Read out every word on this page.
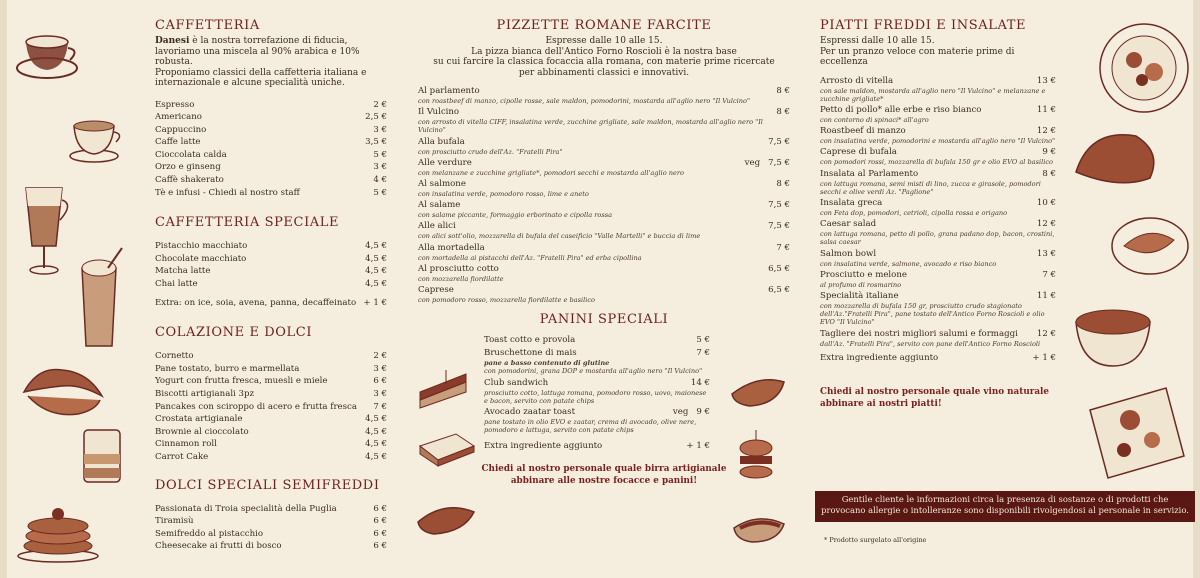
CAFFETTERIA
Danesi è la nostra torrefazione di fiducia, lavoriamo una miscela al 90% arabica e 10% robusta.
Proponiamo classici della caffetteria italiana e internazionale e alcune specialità uniche.
Espresso	2 €
Americano	2,5 €
Cappuccino	3 €
Caffe latte	3,5 €
Cioccolata calda	5 €
Orzo e ginseng	3 €
Caffè shakerato	4 €
Tè e infusi - Chiedi al nostro staff	5 €
CAFFETTERIA SPECIALE
Pistacchio macchiato	4,5 €
Chocolate macchiato	4,5 €
Matcha latte	4,5 €
Chai latte	4,5 €
Extra: on ice, soia, avena, panna, decaffeinato + 1 €
COLAZIONE E DOLCI
Cornetto	2 €
Pane tostato, burro e marmellata	3 €
Yogurt con frutta fresca, muesli e miele	6 €
Biscotti artigianali 3pz	3 €
Pancakes con sciroppo di acero e frutta fresca 7 €
Crostata artigianale	4,5 €
Brownie al cioccolato	4,5 €
Cinnamon roll	4,5 €
Carrot Cake	4,5 €
DOLCI SPECIALI SEMIFREDDI
Passionata di Troia specialità della Puglia	6 €
Tiramisù	6 €
Semifreddo al pistacchio	6 €
Cheesecake ai frutti di bosco	6 €
PIZZETTE ROMANE FARCITE
Espresse dalle 10 alle 15.
La pizza bianca dell'Antico Forno Roscioli è la nostra base
su cui farcire la classica focaccia alla romana, con materie prime ricercate
per abbinamenti classici e innovativi.
Al parlamento	8 €
con roastbeef di manzo, cipolle rosse, sale maldon, pomodorini, mostarda all'aglio nero "Il Vulcino"
Il Vulcino	8 €
con arrosto di vitella CIFF, insalatina verde, zucchine grigliate, sale maldon, mostarda all'aglio nero "Il Vulcino"
Alla bufala	7,5 €
con prosciutto crudo dell'Az. "Fratelli Pira"
Alle verdure	veg 7,5 €
con melanzane e zucchine grigliate*, pomodori secchi e mostarda all'aglio nero
Al salmone	8 €
con insalatina verde, pomodoro rosso, lime e aneto
Al salame	7,5 €
con salame piccante, formaggio erborinato e cipolla rossa
Alle alici	7,5 €
con alici sott'olio, mozzarella di bufala del caseificio "Valle Martelli" e buccia di lime
Alla mortadella	7 €
con mortadella ai pistacchi dell'Az. "Fratelli Pira" ed erba cipollina
Al prosciutto cotto	6,5 €
con mozzarella fiordilatte
Caprese	6,5 €
con pomodoro rosso, mozzarella fiordilatte e basilico
PANINI SPECIALI
Toast cotto e provola	5 €
Bruschettone di mais	7 €
pane a basso contenuto di glutine
con pomodorini, grana DOP e mostarda all'aglio nero "Il Vulcino"
Club sandwich	14 €
prosciutto cotto, lattuga romana, pomodoro rosso, uovo, maionese e bacon, servito con patate chips
Avocado zaatar toast	veg 9 €
pane tostato in olio EVO e zaatar, crema di avocado, olive nere, pomodoro e lattuga, servito con patate chips
Extra ingrediente aggiunto	+ 1 €
Chiedi al nostro personale quale birra artigianale
abbinare alle nostre focacce e panini!
PIATTI FREDDI E INSALATE
Espressi dalle 10 alle 15.
Per un pranzo veloce con materie prime di eccellenza
Arrosto di vitella	13 €
con sale maldon, mostarda all'aglio nero "Il Vulcino" e melanzane e zucchine grigliate*
Petto di pollo* alle erbe e riso bianco	11 €
con contorno di spinaci* all'agro
Roastbeef di manzo	12 €
con insalatina verde, pomodorini e mostarda all'aglio nero "Il Vulcino"
Caprese di bufala	9 €
con pomodori rossi, mozzarella di bufala 150 gr e olio EVO al basilico
Insalata al Parlamento	8 €
con lattuga romana, semi misti di lino, zucca e girasole, pomodori secchi e olive verdi Az. "Paglione"
Insalata greca	10 €
con Feta dop, pomodori, cetrioli, cipolla rossa e origano
Caesar salad	12 €
con lattuga romana, petto di pollo, grana padano dop, bacon, crostini, salsa caesar
Salmon bowl	13 €
con insalatina verde, salmone, avocado e riso bianco
Prosciutto e melone	7 €
al profumo di rosmarino
Specialità italiane	11 €
con mozzarella di bufala 150 gr, prosciutto crudo stagionato dell'Az."Fratelli Pira", pane tostato dell'Antico Forno Roscioli e olio EVO "Il Vulcino"
Tagliere dei nostri migliori salumi e formaggi 12 €
dall'Az. "Fratelli Pira", servito con pane dell'Antico Forno Roscioli
Extra ingrediente aggiunto	+ 1 €
Chiedi al nostro personale quale vino naturale
abbinare ai nostri piatti!
Gentile cliente le informazioni circa la presenza di sostanze o di prodotti che provocano allergie o intolleranze sono disponibili rivolgendosi al personale in servizio.
* Prodotto surgelato all'origine
